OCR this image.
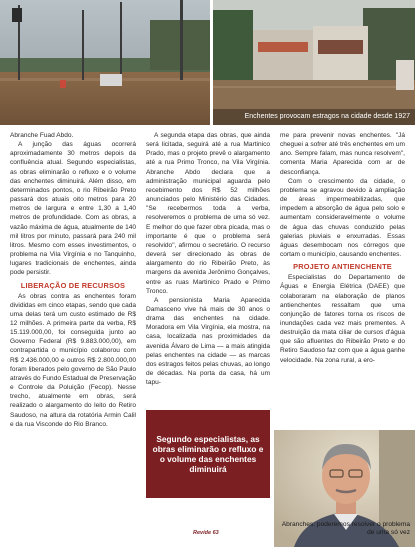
Enchentes provocam estragos na cidade desde 1927

Abranche Fuad Abdo.

A junção das águas ocorrerá aproximadamente 30 metros depois da confluência atual. Segundo especialistas, as obras eliminarão o refluxo e o volume das enchentes diminuirá. Além disso, em determinados pontos, o rio Ribeirão Preto passará dos atuais oito metros para 20 metros de largura e entre 1,30 a 1,40 metros de profundidade. Com as obras, a vazão máxima de água, atualmente de 140 mil litros por minuto, passará para 240 mil litros. Mesmo com esses investimentos, o problema na Vila Virgínia e no Tanquinho, lugares tradicionais de enchentes, ainda pode persistir.

LIBERAÇÃO DE RECURSOS

As obras contra as enchentes foram divididas em cinco etapas, sendo que cada uma delas terá um custo estimado de R$ 12 milhões. A primeira parte da verba, R$ 15.119.000,00, foi conseguida junto ao Governo Federal (R$ 9.883.000,00), em contrapartida o município colaborou com R$ 2.436.000,00 e outros R$ 2.800.000,00 foram liberados pelo governo de São Paulo através do Fundo Estadual de Preservação e Controle da Poluição (Fecop). Nesse trecho, atualmente em obras, será realizado o alargamento do leito do Retiro Saudoso, na altura da rotatória Armin Calil e da rua Visconde do Rio Branco.

A segunda etapa das obras, que ainda será licitada, seguirá até a rua Martinico Prado, mas o projeto prevê o alargamento até a rua Primo Tronco, na Vila Virgínia. Abranche Abdo declara que a administração municipal aguarda pelo recebimento dos R$ 52 milhões anunciados pelo Ministério das Cidades. "Se recebermos toda a verba, resolveremos o problema de uma só vez. E melhor do que fazer obra picada, mas o importante é que o problema será resolvido", afirmou o secretário. O recurso deverá ser direcionado às obras de alargamento do rio Ribeirão Preto, às margens da avenida Jerônimo Gonçalves, entre as ruas Martinico Prado e Primo Tronco.

A pensionista Maria Aparecida Damasceno vive há mais de 30 anos o drama das enchentes na cidade. Moradora em Vila Virgínia, ela mostra, na casa, localizada nas proximidades da avenida Álvaro de Lima — a mais atingida pelas enchentes na cidade — as marcas dos estragos feitos pelas chuvas, ao longo de décadas. Na porta da casa, há um tapu-

me para prevenir novas enchentes. "Já cheguei a sofrer até três enchentes em um ano. Sempre falam, mas nunca resolvem", comenta Maria Aparecida com ar de desconfiança.

Com o crescimento da cidade, o problema se agravou devido à ampliação de áreas impermeabilizadas, que impedem a absorção de água pelo solo e aumentam consideravelmente o volume de água das chuvas conduzido pelas galerias pluviais e enxurradas. Essas águas desembocam nos córregos que cortam o município, causando enchentes.

PROJETO ANTIENCHENTE

Especialistas do Departamento de Águas e Energia Elétrica (DAEE) que colaboraram na elaboração de planos antienchentes ressaltam que uma conjunção de fatores torna os riscos de inundações cada vez mais prementes. A destruição da mata ciliar de cursos d'água que são afluentes do Ribeirão Preto e do Retiro Saudoso faz com que a água ganhe velocidade. Na zona rural, a ero-

Segundo especialistas, as obras eliminarão o refluxo e o volume das enchentes diminuirá
Abranches: poderemos resolver o problema de uma só vez
Revide 63
